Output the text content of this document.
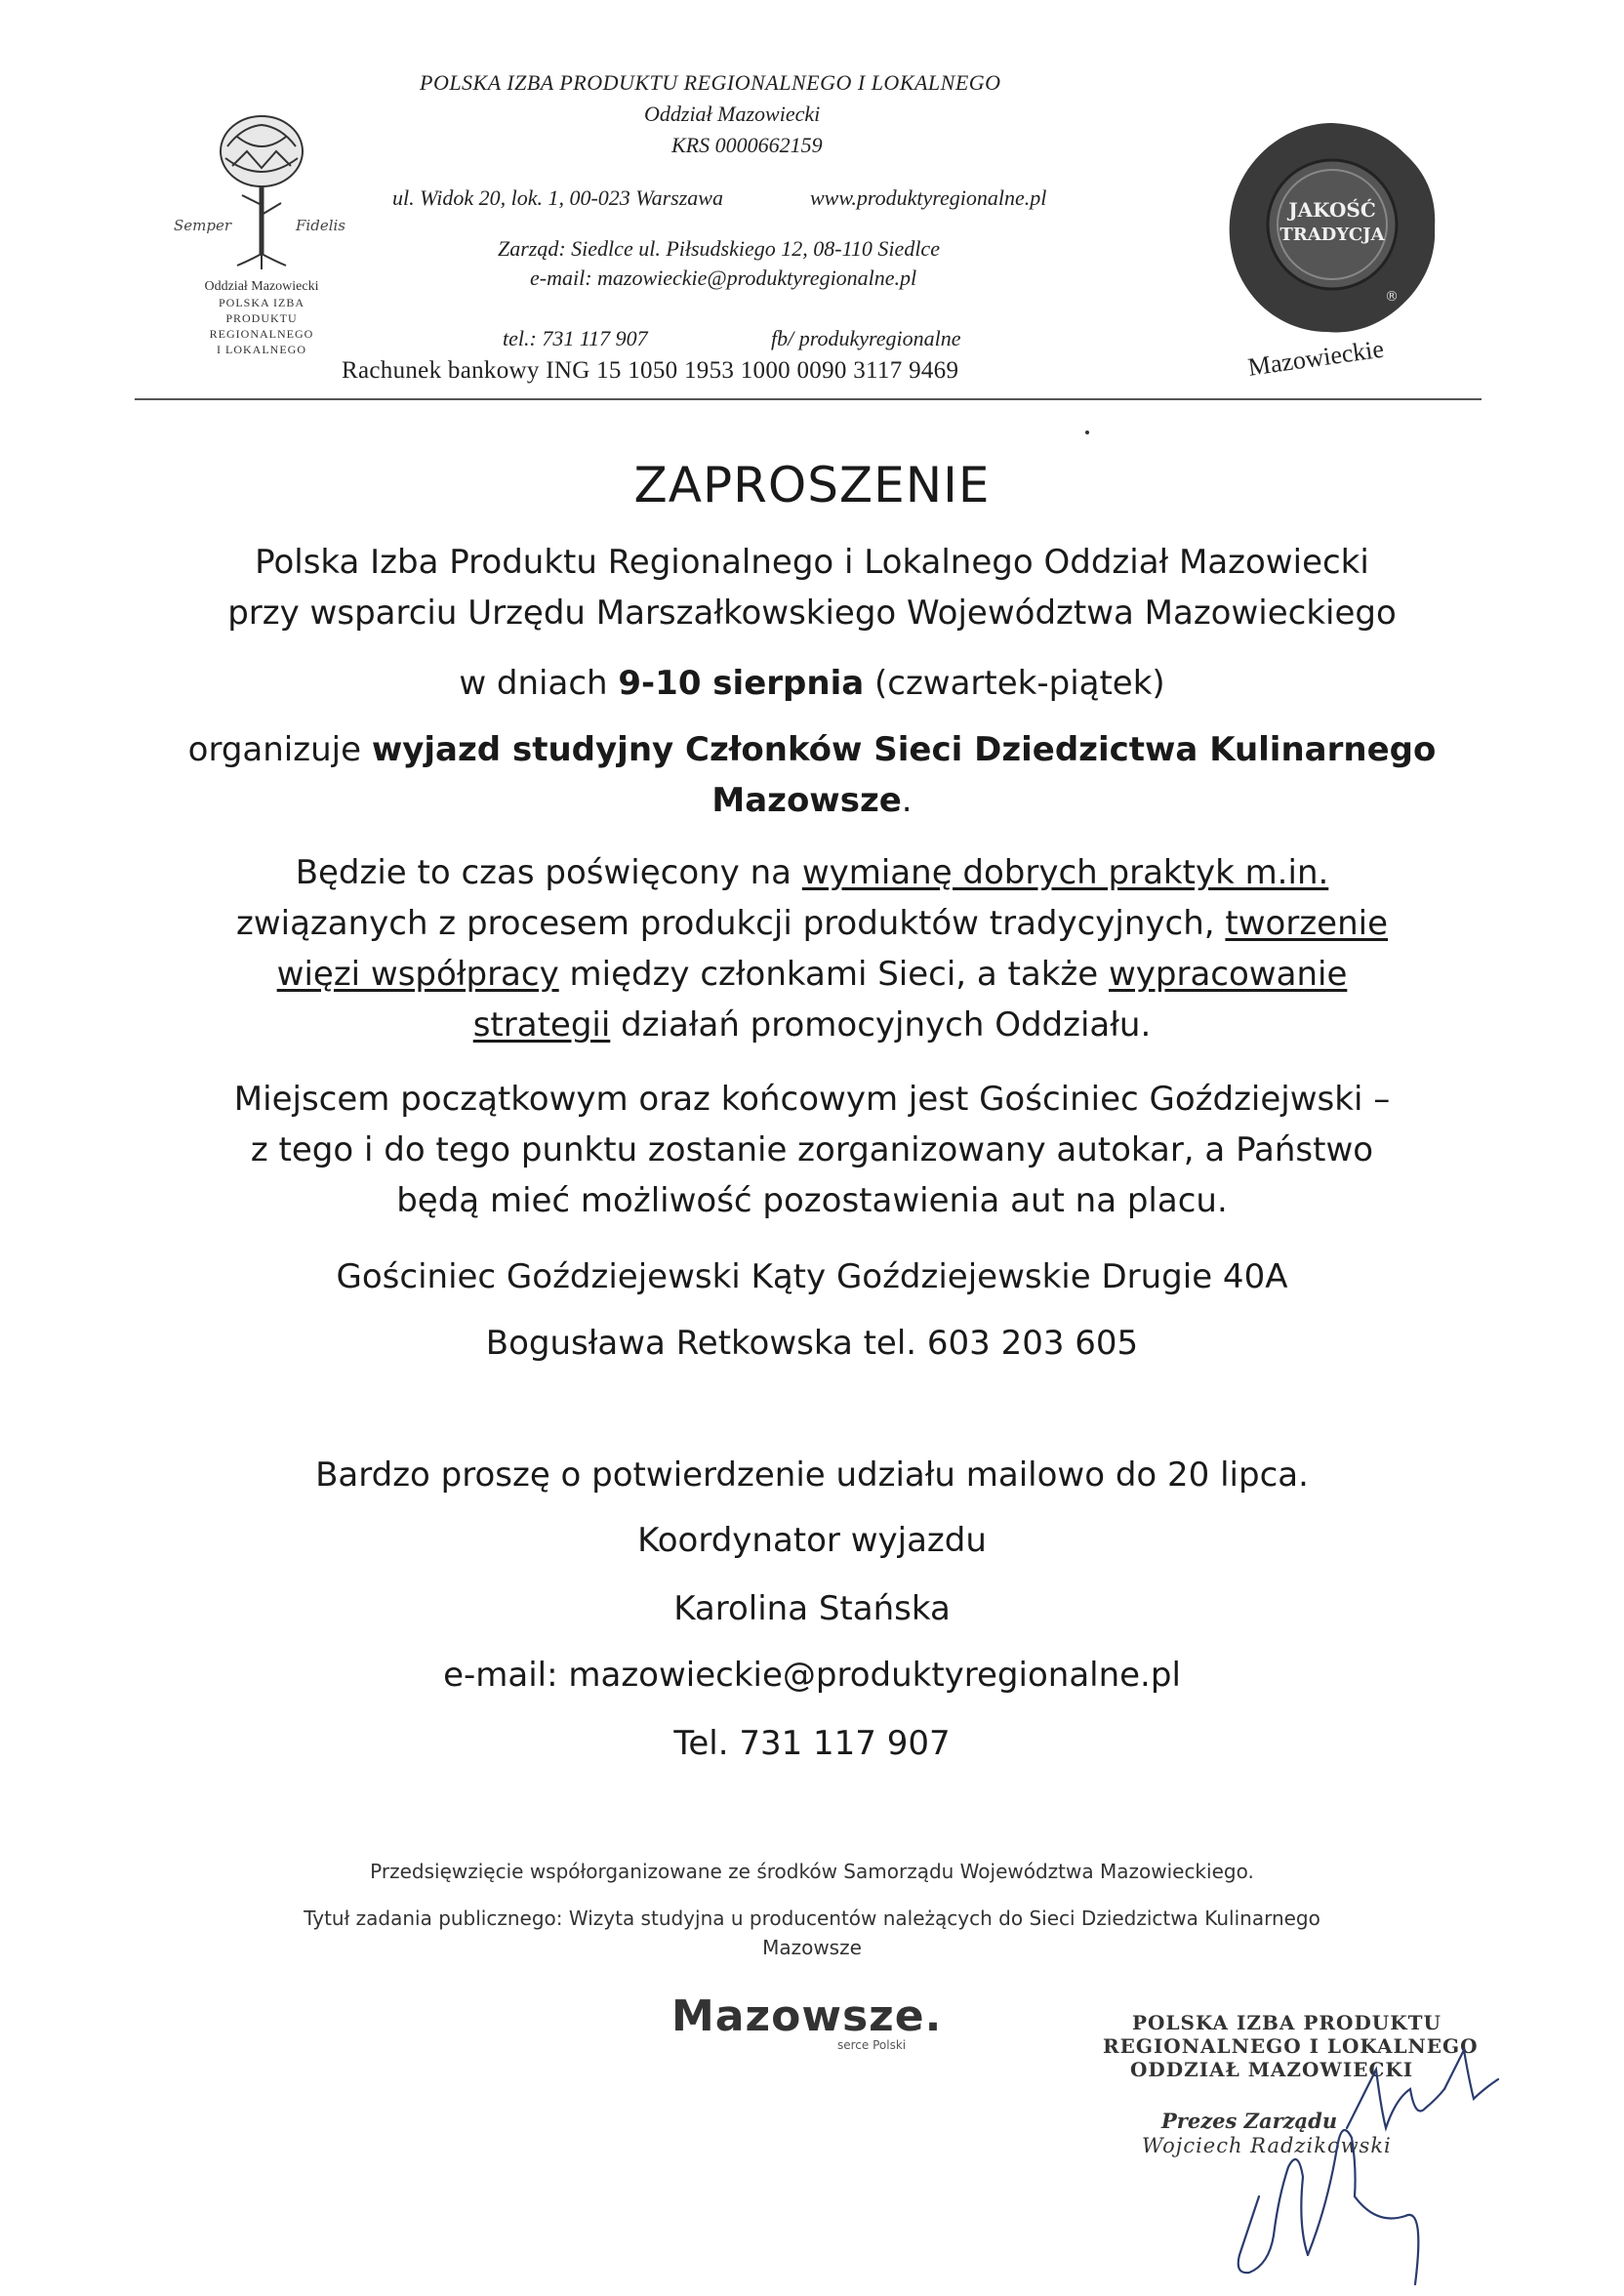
Semper	Fidelis
Oddział Mazowiecki
POLSKA IZBA
PRODUKTU
REGIONALNEGO
I LOKALNEGO
POLSKA IZBA PRODUKTU REGIONALNEGO I LOKALNEGO
Oddział Mazowiecki
KRS 0000662159
ul. Widok 20, lok. 1, 00-023 Warszawa	www.produktyregionalne.pl
Zarząd: Siedlce ul. Piłsudskiego 12, 08-110 Siedlce
e-mail: mazowieckie@produktyregionalne.pl
tel.: 731 117 907	fb/ produkyregionalne
Rachunek bankowy ING 15 1050 1953 1000 0090 3117 9469
JAKOŚĆ
TRADYCJA
®
Mazowieckie
ZAPROSZENIE
Polska Izba Produktu Regionalnego i Lokalnego Oddział Mazowiecki
przy wsparciu Urzędu Marszałkowskiego Województwa Mazowieckiego
w dniach 9-10 sierpnia (czwartek-piątek)
organizuje wyjazd studyjny Członków Sieci Dziedzictwa Kulinarnego
Mazowsze.
Będzie to czas poświęcony na wymianę dobrych praktyk m.in.
związanych z procesem produkcji produktów tradycyjnych, tworzenie
więzi współpracy między członkami Sieci, a także wypracowanie
strategii działań promocyjnych Oddziału.
Miejscem początkowym oraz końcowym jest Gościniec Goździejwski –
z tego i do tego punktu zostanie zorganizowany autokar, a Państwo
będą mieć możliwość pozostawienia aut na placu.
Gościniec Goździejewski Kąty Goździejewskie Drugie 40A
Bogusława Retkowska tel. 603 203 605
Bardzo proszę o potwierdzenie udziału mailowo do 20 lipca.
Koordynator wyjazdu
Karolina Stańska
e-mail: mazowieckie@produktyregionalne.pl
Tel. 731 117 907
Przedsięwzięcie współorganizowane ze środków Samorządu Województwa Mazowieckiego.
Tytuł zadania publicznego: Wizyta studyjna u producentów należących do Sieci Dziedzictwa Kulinarnego
Mazowsze
Mazowsze.
serce Polski
POLSKA IZBA PRODUKTU
REGIONALNEGO I LOKALNEGO
ODDZIAŁ MAZOWIECKI
Prezes Zarządu
Wojciech Radzikowski
